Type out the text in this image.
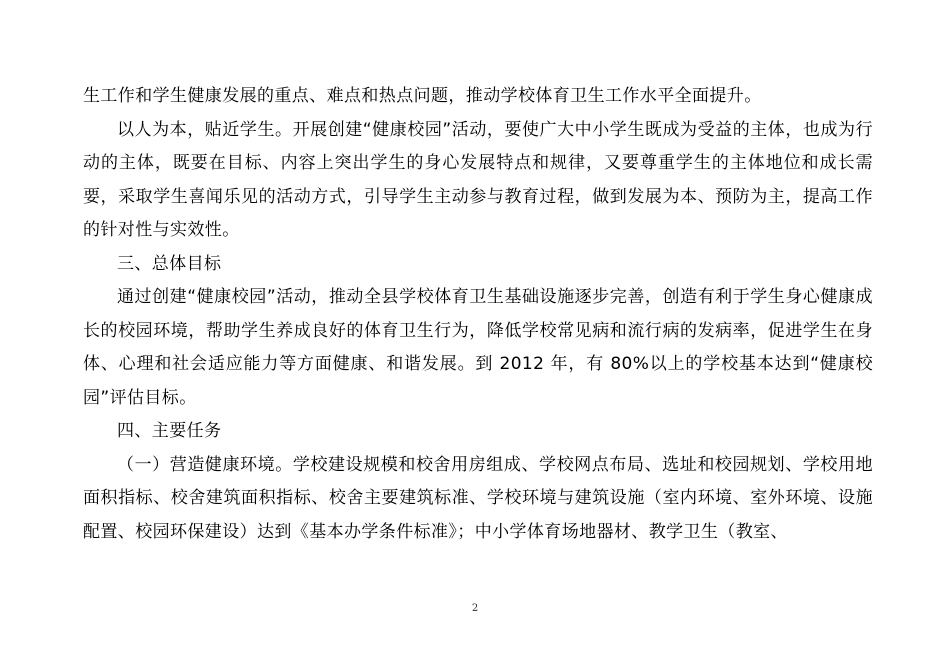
生工作和学生健康发展的重点、难点和热点问题，推动学校体育卫生工作水平全面提升。

以人为本，贴近学生。开展创建“健康校园”活动，要使广大中小学生既成为受益的主体，也成为行动的主体，既要在目标、内容上突出学生的身心发展特点和规律，又要尊重学生的主体地位和成长需要，采取学生喜闻乐见的活动方式，引导学生主动参与教育过程，做到发展为本、预防为主，提高工作的针对性与实效性。

三、总体目标

通过创建“健康校园”活动，推动全县学校体育卫生基础设施逐步完善，创造有利于学生身心健康成长的校园环境，帮助学生养成良好的体育卫生行为，降低学校常见病和流行病的发病率，促进学生在身体、心理和社会适应能力等方面健康、和谐发展。到 2012 年，有 80%以上的学校基本达到“健康校园”评估目标。

四、主要任务

（一）营造健康环境。学校建设规模和校舍用房组成、学校网点布局、选址和校园规划、学校用地面积指标、校舍建筑面积指标、校舍主要建筑标准、学校环境与建筑设施（室内环境、室外环境、设施配置、校园环保建设）达到《基本办学条件标准》；中小学体育场地器材、教学卫生（教室、

2
